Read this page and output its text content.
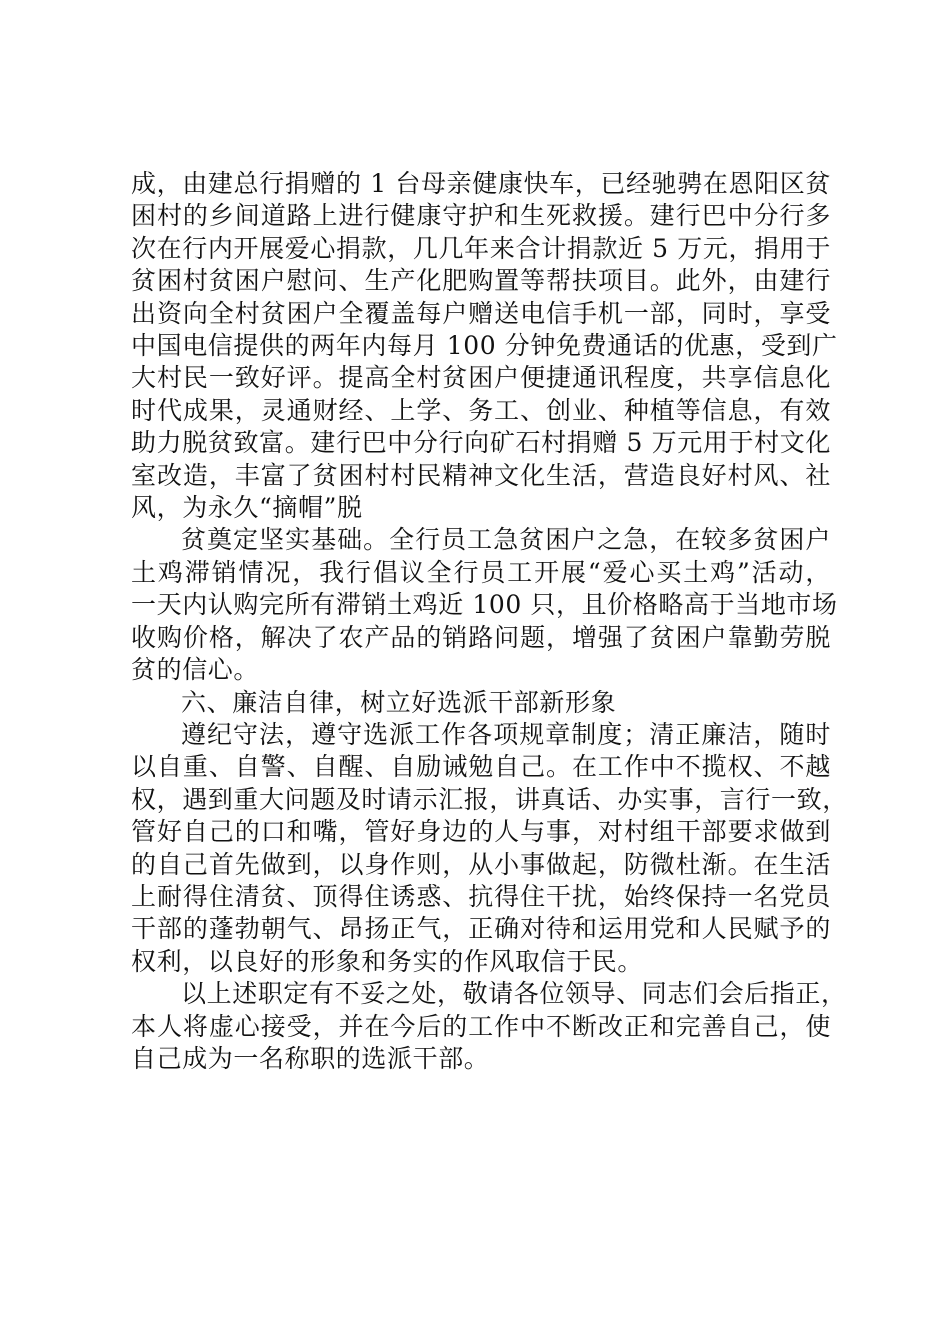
成，由建总行捐赠的 1 台母亲健康快车，已经驰骋在恩阳区贫
困村的乡间道路上进行健康守护和生死救援。建行巴中分行多
次在行内开展爱心捐款，几几年来合计捐款近 5 万元，捐用于
贫困村贫困户慰问、生产化肥购置等帮扶项目。此外，由建行
出资向全村贫困户全覆盖每户赠送电信手机一部，同时，享受
中国电信提供的两年内每月 100 分钟免费通话的优惠，受到广
大村民一致好评。提高全村贫困户便捷通讯程度，共享信息化
时代成果，灵通财经、上学、务工、创业、种植等信息，有效
助力脱贫致富。建行巴中分行向矿石村捐赠 5 万元用于村文化
室改造，丰富了贫困村村民精神文化生活，营造良好村风、社
风，为永久“摘帽”脱
贫奠定坚实基础。全行员工急贫困户之急，在较多贫困户
土鸡滞销情况，我行倡议全行员工开展“爱心买土鸡”活动，
一天内认购完所有滞销土鸡近 100 只，且价格略高于当地市场
收购价格，解决了农产品的销路问题，增强了贫困户靠勤劳脱
贫的信心。
六、廉洁自律，树立好选派干部新形象
遵纪守法，遵守选派工作各项规章制度；清正廉洁，随时
以自重、自警、自醒、自励诫勉自己。在工作中不揽权、不越
权，遇到重大问题及时请示汇报，讲真话、办实事，言行一致，
管好自己的口和嘴，管好身边的人与事，对村组干部要求做到
的自己首先做到，以身作则，从小事做起，防微杜渐。在生活
上耐得住清贫、顶得住诱惑、抗得住干扰，始终保持一名党员
干部的蓬勃朝气、昂扬正气，正确对待和运用党和人民赋予的
权利，以良好的形象和务实的作风取信于民。
以上述职定有不妥之处，敬请各位领导、同志们会后指正，
本人将虚心接受，并在今后的工作中不断改正和完善自己，使
自己成为一名称职的选派干部。
